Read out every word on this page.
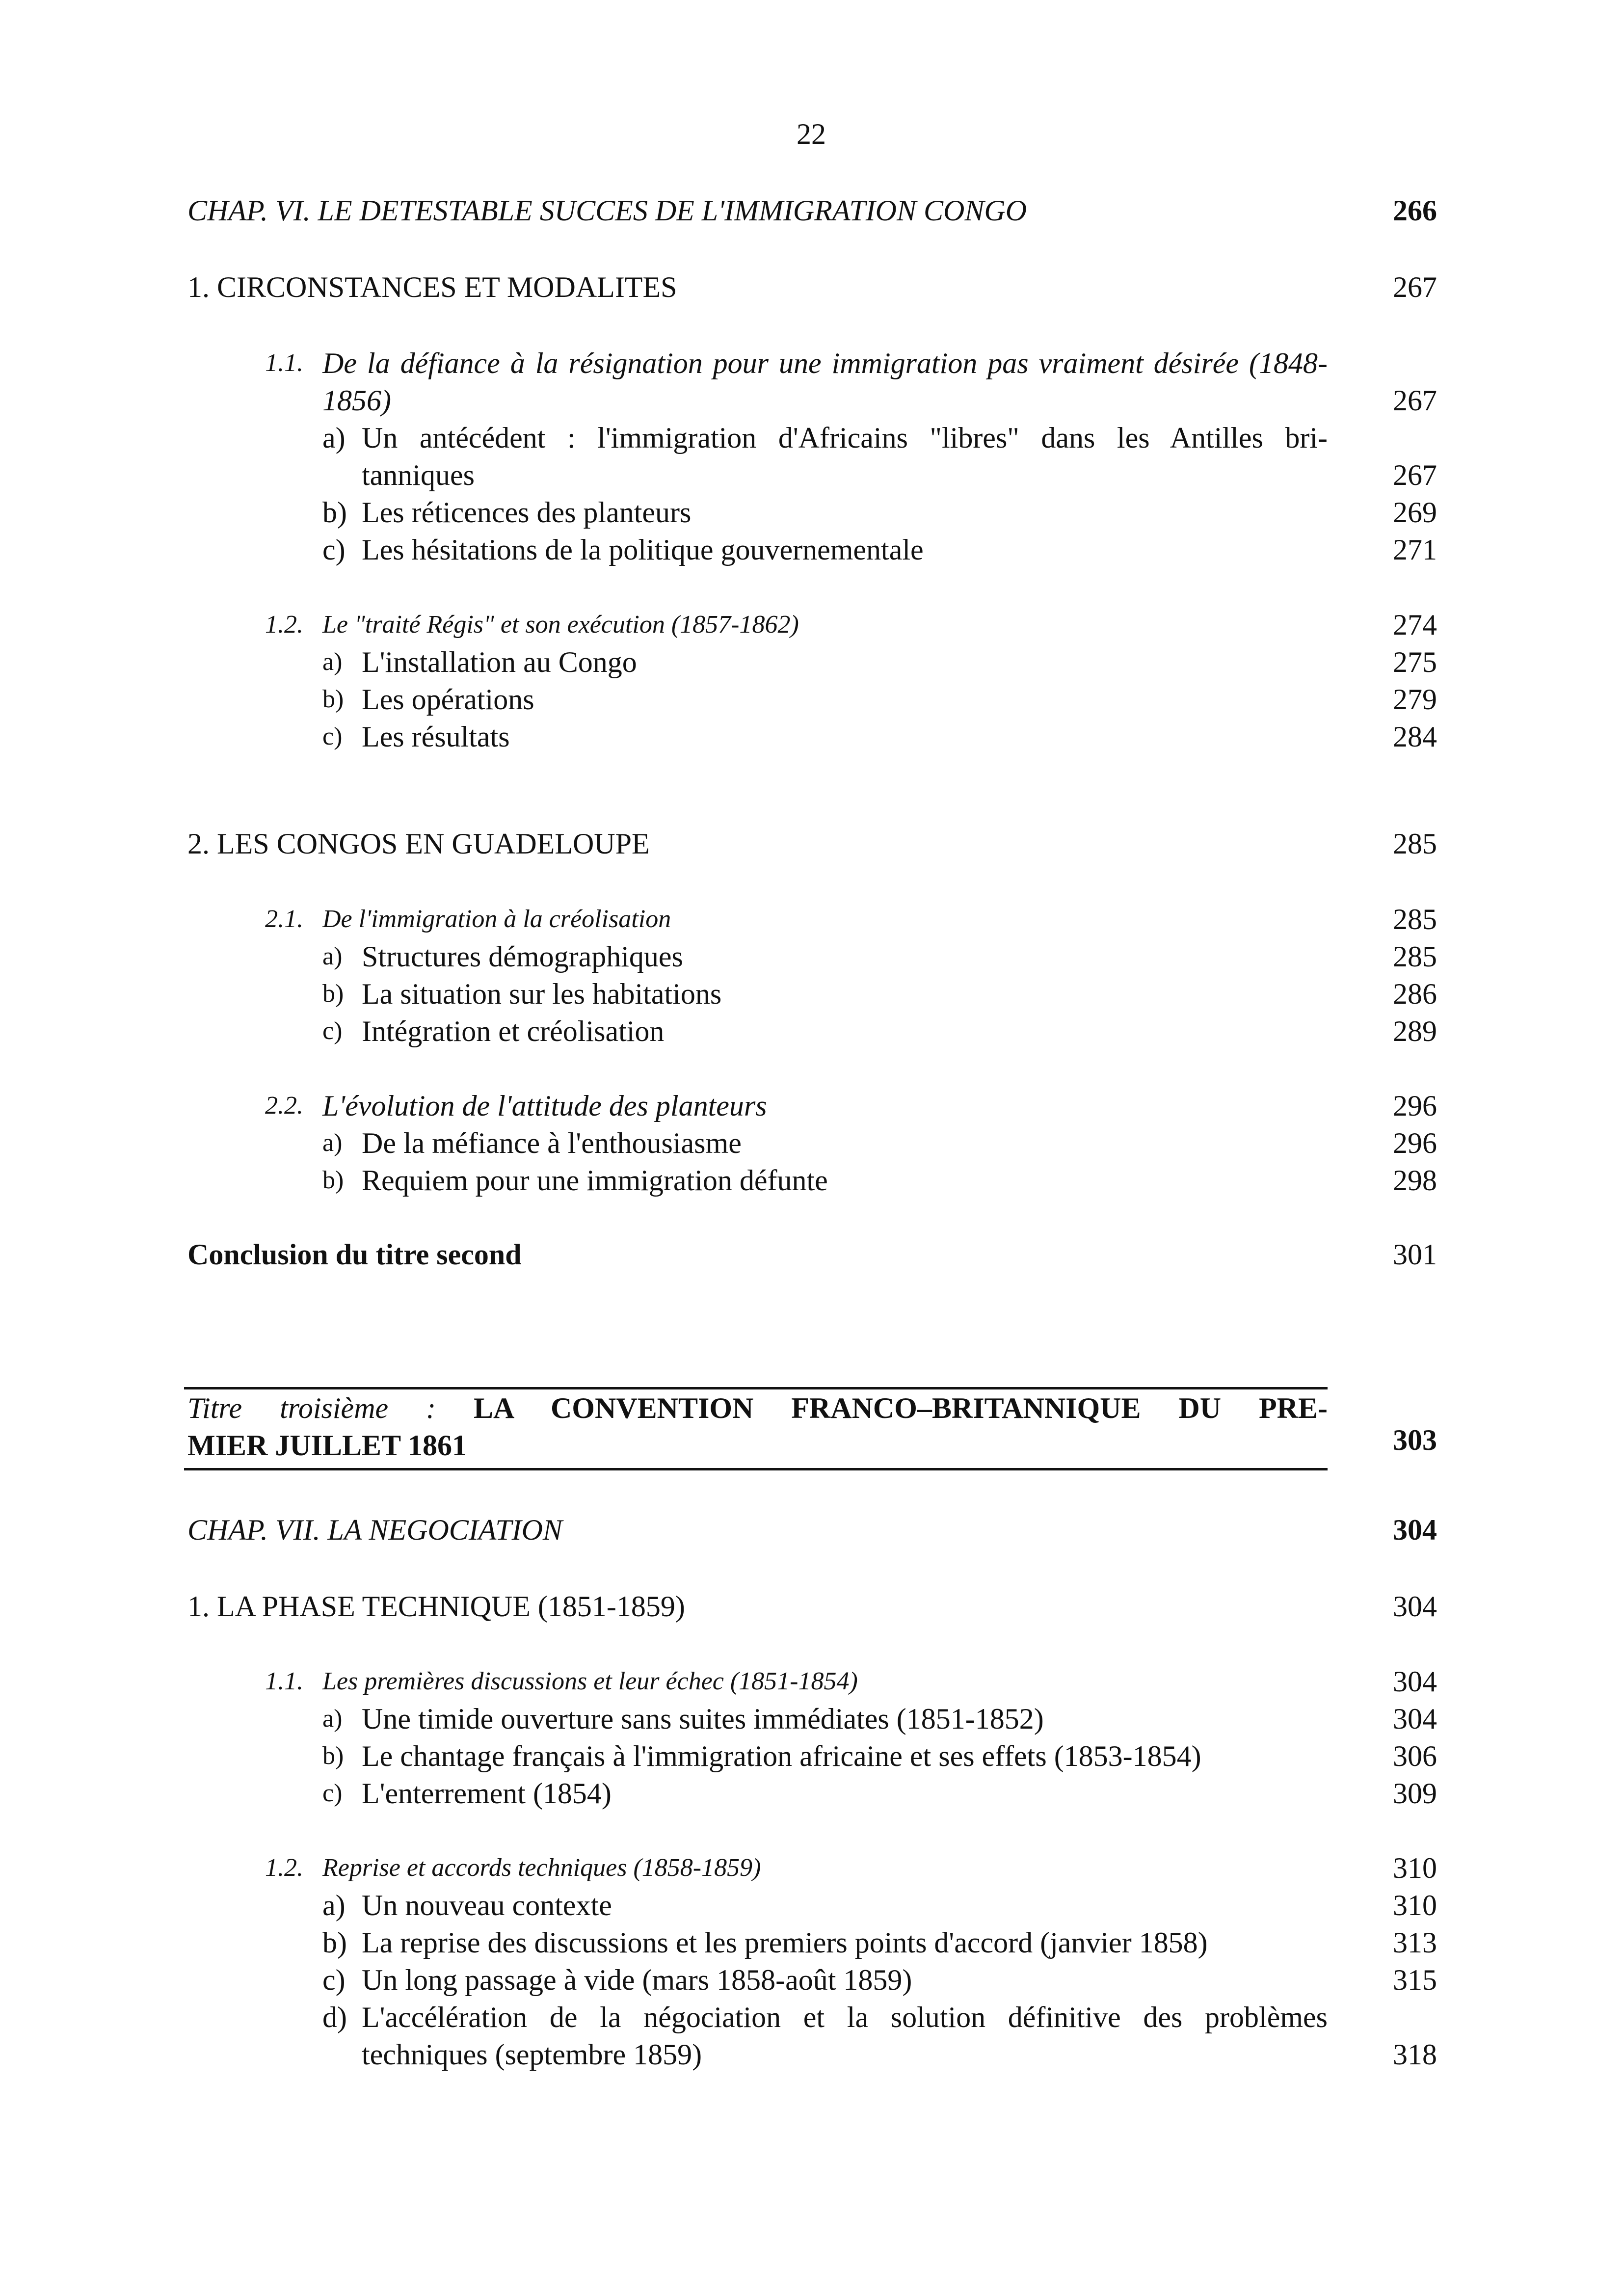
22
CHAP. VI. LE DETESTABLE SUCCES DE L'IMMIGRATION CONGO	266
1. CIRCONSTANCES ET MODALITES	267
1.1. De la défiance à la résignation pour une immigration pas vraiment désirée (1848-
1856)	267
a) Un antécédent : l'immigration d'Africains "libres" dans les Antilles bri-
tanniques	267
b) Les réticences des planteurs	269
c) Les hésitations de la politique gouvernementale	271
1.2. Le "traité Régis" et son exécution (1857-1862)	274
a) L'installation au Congo	275
b) Les opérations	279
c) Les résultats	284
2. LES CONGOS EN GUADELOUPE	285
2.1. De l'immigration à la créolisation	285
a) Structures démographiques	285
b) La situation sur les habitations	286
c) Intégration et créolisation	289
2.2. L'évolution de l'attitude des planteurs	296
a) De la méfiance à l'enthousiasme	296
b) Requiem pour une immigration défunte	298
Conclusion du titre second	301
Titre troisième : LA CONVENTION FRANCO–BRITANNIQUE DU PRE-
MIER JUILLET 1861	303
CHAP. VII. LA NEGOCIATION	304
1. LA PHASE TECHNIQUE (1851-1859)	304
1.1. Les premières discussions et leur échec (1851-1854)	304
a) Une timide ouverture sans suites immédiates (1851-1852)	304
b) Le chantage français à l'immigration africaine et ses effets (1853-1854)	306
c) L'enterrement (1854)	309
1.2. Reprise et accords techniques (1858-1859)	310
a) Un nouveau contexte	310
b) La reprise des discussions et les premiers points d'accord (janvier 1858)	313
c) Un long passage à vide (mars 1858-août 1859)	315
d) L'accélération de la négociation et la solution définitive des problèmes
techniques (septembre 1859)	318
